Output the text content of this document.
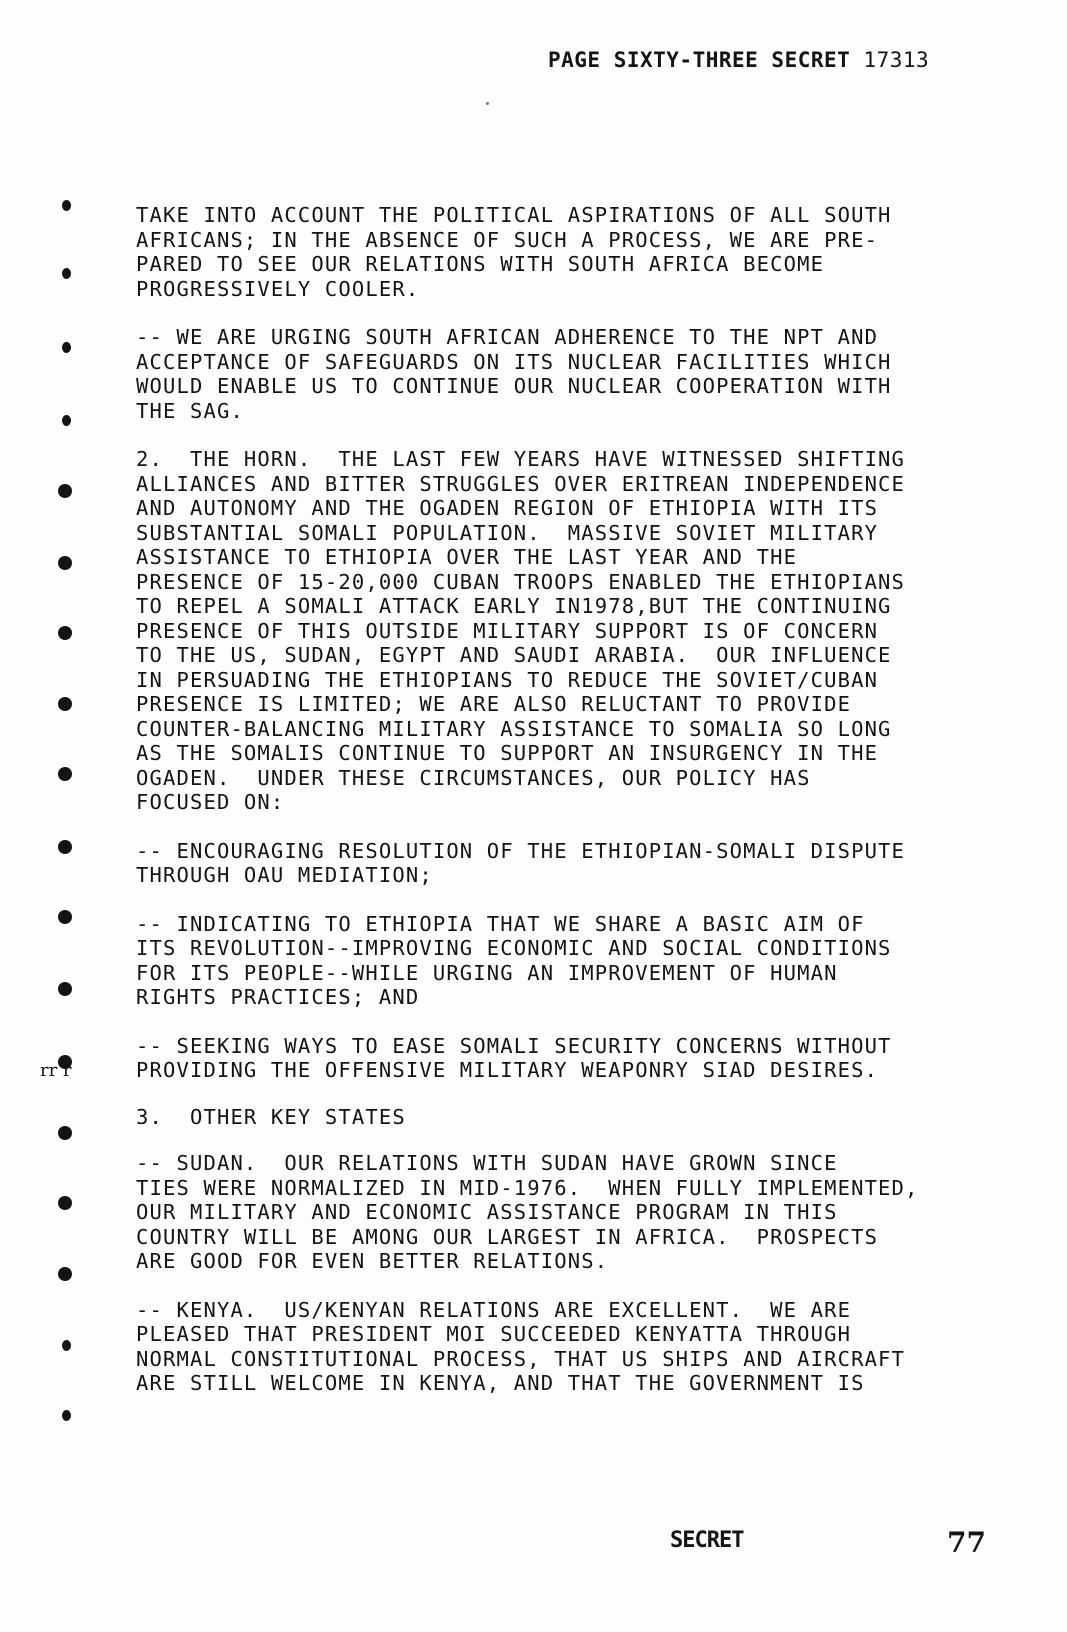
PAGE SIXTY-THREE SECRET 17313

TAKE INTO ACCOUNT THE POLITICAL ASPIRATIONS OF ALL SOUTH
AFRICANS; IN THE ABSENCE OF SUCH A PROCESS, WE ARE PRE-
PARED TO SEE OUR RELATIONS WITH SOUTH AFRICA BECOME
PROGRESSIVELY COOLER.

-- WE ARE URGING SOUTH AFRICAN ADHERENCE TO THE NPT AND
ACCEPTANCE OF SAFEGUARDS ON ITS NUCLEAR FACILITIES WHICH
WOULD ENABLE US TO CONTINUE OUR NUCLEAR COOPERATION WITH
THE SAG.

2.  THE HORN.  THE LAST FEW YEARS HAVE WITNESSED SHIFTING
ALLIANCES AND BITTER STRUGGLES OVER ERITREAN INDEPENDENCE
AND AUTONOMY AND THE OGADEN REGION OF ETHIOPIA WITH ITS
SUBSTANTIAL SOMALI POPULATION.  MASSIVE SOVIET MILITARY
ASSISTANCE TO ETHIOPIA OVER THE LAST YEAR AND THE
PRESENCE OF 15-20,000 CUBAN TROOPS ENABLED THE ETHIOPIANS
TO REPEL A SOMALI ATTACK EARLY IN1978,BUT THE CONTINUING
PRESENCE OF THIS OUTSIDE MILITARY SUPPORT IS OF CONCERN
TO THE US, SUDAN, EGYPT AND SAUDI ARABIA.  OUR INFLUENCE
IN PERSUADING THE ETHIOPIANS TO REDUCE THE SOVIET/CUBAN
PRESENCE IS LIMITED; WE ARE ALSO RELUCTANT TO PROVIDE
COUNTER-BALANCING MILITARY ASSISTANCE TO SOMALIA SO LONG
AS THE SOMALIS CONTINUE TO SUPPORT AN INSURGENCY IN THE
OGADEN.  UNDER THESE CIRCUMSTANCES, OUR POLICY HAS
FOCUSED ON:

-- ENCOURAGING RESOLUTION OF THE ETHIOPIAN-SOMALI DISPUTE
THROUGH OAU MEDIATION;

-- INDICATING TO ETHIOPIA THAT WE SHARE A BASIC AIM OF
ITS REVOLUTION--IMPROVING ECONOMIC AND SOCIAL CONDITIONS
FOR ITS PEOPLE--WHILE URGING AN IMPROVEMENT OF HUMAN
RIGHTS PRACTICES; AND

-- SEEKING WAYS TO EASE SOMALI SECURITY CONCERNS WITHOUT
PROVIDING THE OFFENSIVE MILITARY WEAPONRY SIAD DESIRES.

3.  OTHER KEY STATES

-- SUDAN.  OUR RELATIONS WITH SUDAN HAVE GROWN SINCE
TIES WERE NORMALIZED IN MID-1976.  WHEN FULLY IMPLEMENTED,
OUR MILITARY AND ECONOMIC ASSISTANCE PROGRAM IN THIS
COUNTRY WILL BE AMONG OUR LARGEST IN AFRICA.  PROSPECTS
ARE GOOD FOR EVEN BETTER RELATIONS.

-- KENYA.  US/KENYAN RELATIONS ARE EXCELLENT.  WE ARE
PLEASED THAT PRESIDENT MOI SUCCEEDED KENYATTA THROUGH
NORMAL CONSTITUTIONAL PROCESS, THAT US SHIPS AND AIRCRAFT
ARE STILL WELCOME IN KENYA, AND THAT THE GOVERNMENT IS

rr r
SECRET	77
